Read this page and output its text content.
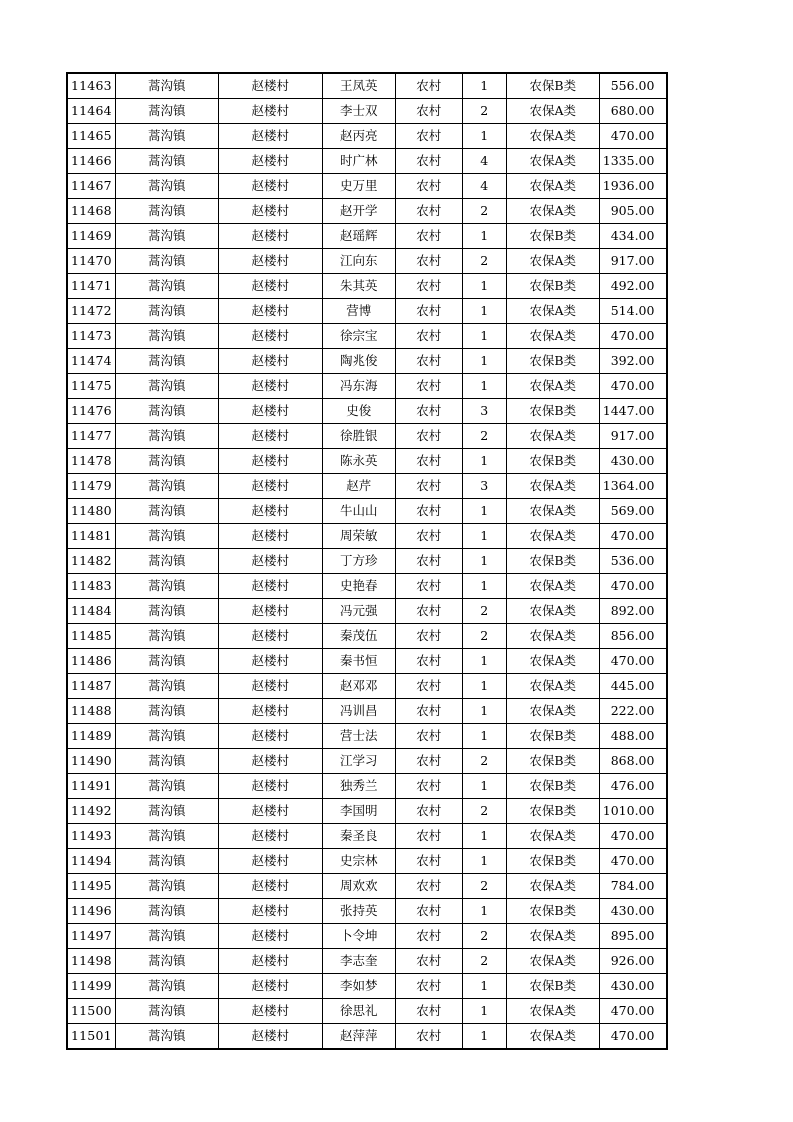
11463	蒿沟镇	赵楼村	王凤英	农村	1	农保B类	556.00
11464	蒿沟镇	赵楼村	李士双	农村	2	农保A类	680.00
11465	蒿沟镇	赵楼村	赵丙亮	农村	1	农保A类	470.00
11466	蒿沟镇	赵楼村	时广林	农村	4	农保A类	1335.00
11467	蒿沟镇	赵楼村	史万里	农村	4	农保A类	1936.00
11468	蒿沟镇	赵楼村	赵开学	农村	2	农保A类	905.00
11469	蒿沟镇	赵楼村	赵瑶辉	农村	1	农保B类	434.00
11470	蒿沟镇	赵楼村	江向东	农村	2	农保A类	917.00
11471	蒿沟镇	赵楼村	朱其英	农村	1	农保B类	492.00
11472	蒿沟镇	赵楼村	营博	农村	1	农保A类	514.00
11473	蒿沟镇	赵楼村	徐宗宝	农村	1	农保A类	470.00
11474	蒿沟镇	赵楼村	陶兆俊	农村	1	农保B类	392.00
11475	蒿沟镇	赵楼村	冯东海	农村	1	农保A类	470.00
11476	蒿沟镇	赵楼村	史俊	农村	3	农保B类	1447.00
11477	蒿沟镇	赵楼村	徐胜银	农村	2	农保A类	917.00
11478	蒿沟镇	赵楼村	陈永英	农村	1	农保B类	430.00
11479	蒿沟镇	赵楼村	赵芹	农村	3	农保A类	1364.00
11480	蒿沟镇	赵楼村	牛山山	农村	1	农保A类	569.00
11481	蒿沟镇	赵楼村	周荣敏	农村	1	农保A类	470.00
11482	蒿沟镇	赵楼村	丁方珍	农村	1	农保B类	536.00
11483	蒿沟镇	赵楼村	史艳春	农村	1	农保A类	470.00
11484	蒿沟镇	赵楼村	冯元强	农村	2	农保A类	892.00
11485	蒿沟镇	赵楼村	秦茂伍	农村	2	农保A类	856.00
11486	蒿沟镇	赵楼村	秦书恒	农村	1	农保A类	470.00
11487	蒿沟镇	赵楼村	赵邓邓	农村	1	农保A类	445.00
11488	蒿沟镇	赵楼村	冯训昌	农村	1	农保A类	222.00
11489	蒿沟镇	赵楼村	营士法	农村	1	农保B类	488.00
11490	蒿沟镇	赵楼村	江学习	农村	2	农保B类	868.00
11491	蒿沟镇	赵楼村	独秀兰	农村	1	农保B类	476.00
11492	蒿沟镇	赵楼村	李国明	农村	2	农保B类	1010.00
11493	蒿沟镇	赵楼村	秦圣良	农村	1	农保A类	470.00
11494	蒿沟镇	赵楼村	史宗林	农村	1	农保B类	470.00
11495	蒿沟镇	赵楼村	周欢欢	农村	2	农保A类	784.00
11496	蒿沟镇	赵楼村	张持英	农村	1	农保B类	430.00
11497	蒿沟镇	赵楼村	卜令坤	农村	2	农保A类	895.00
11498	蒿沟镇	赵楼村	李志奎	农村	2	农保A类	926.00
11499	蒿沟镇	赵楼村	李如梦	农村	1	农保B类	430.00
11500	蒿沟镇	赵楼村	徐思礼	农村	1	农保A类	470.00
11501	蒿沟镇	赵楼村	赵萍萍	农村	1	农保A类	470.00
